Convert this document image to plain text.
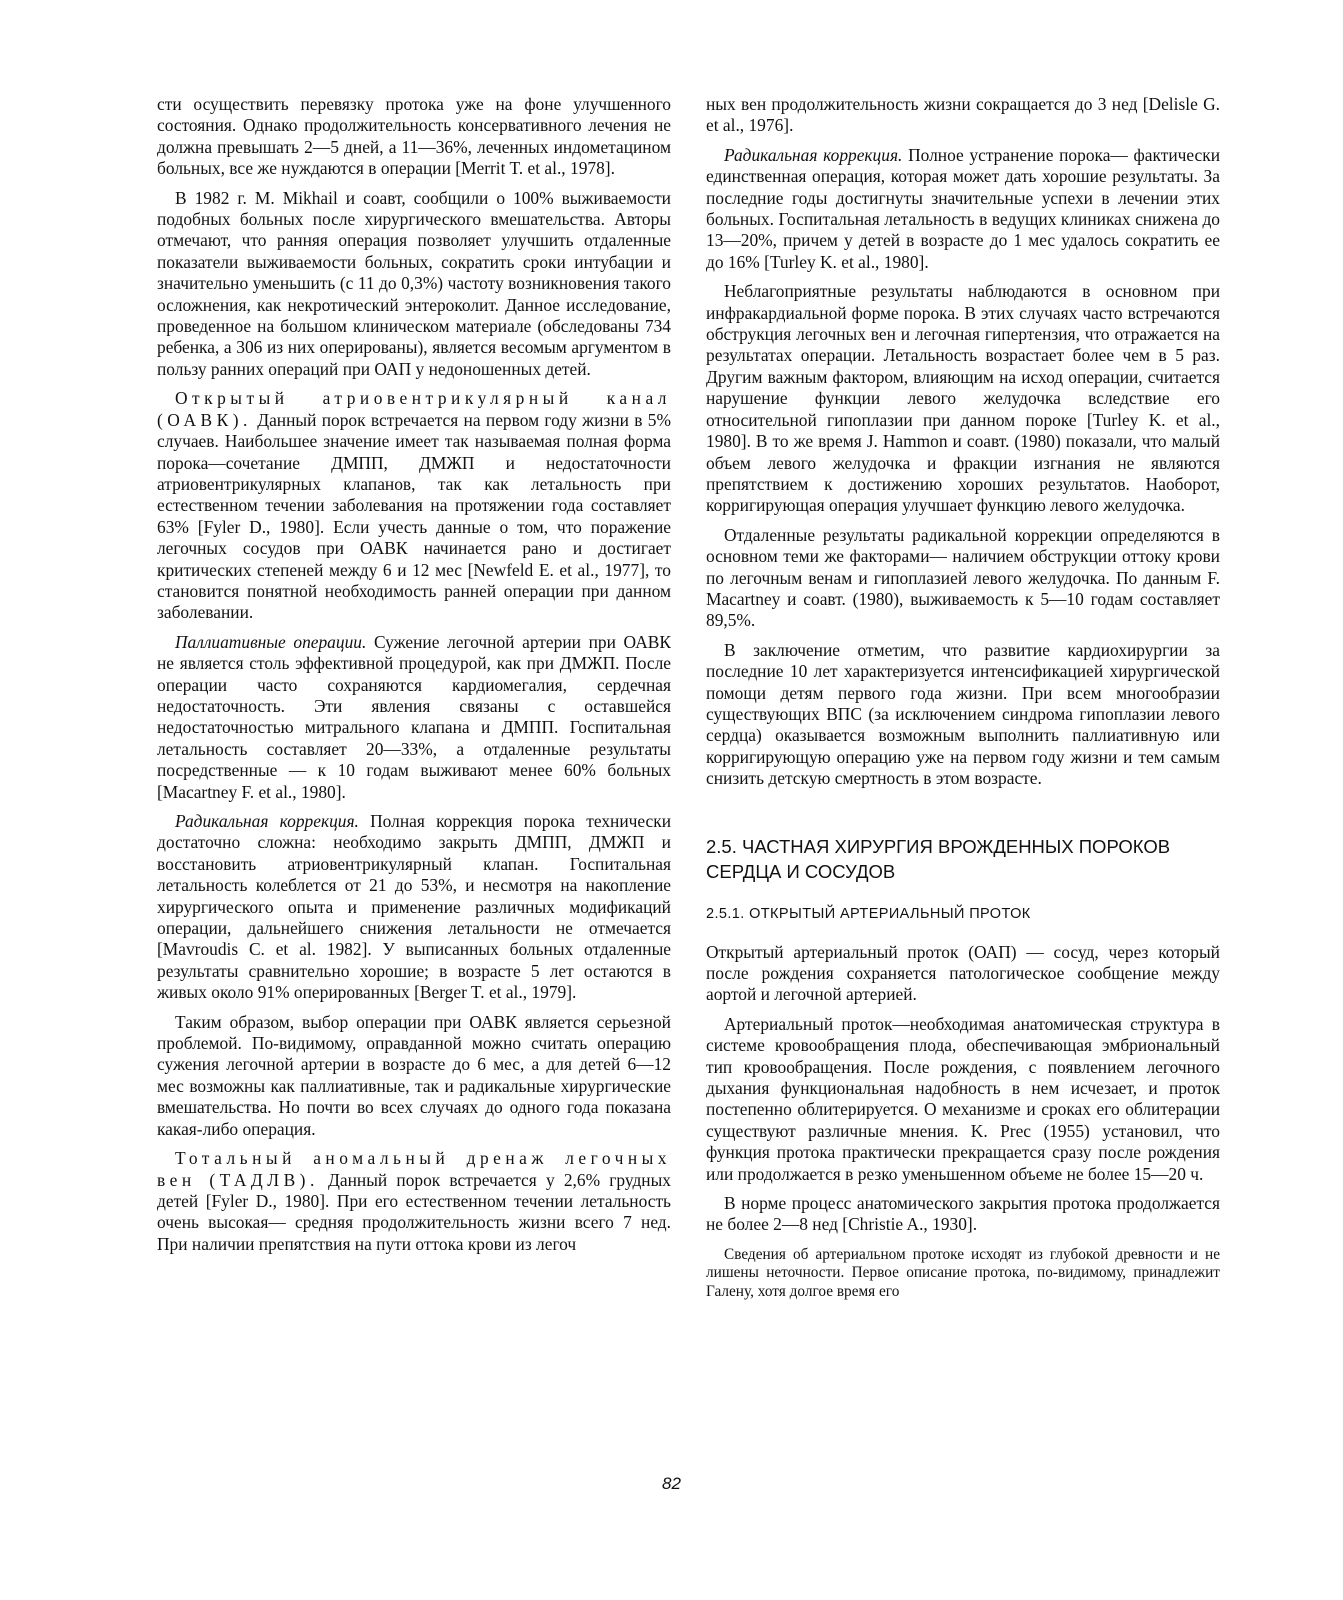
сти осуществить перевязку протока уже на фоне улучшенного состояния. Однако продолжительность консервативного лечения не должна превышать 2—5 дней, а 11—36%, леченных индометацином больных, все же нуждаются в операции [Merrit T. et al., 1978].

В 1982 г. M. Mikhail и соавт, сообщили о 100% выживаемости подобных больных после хирургического вмешательства. Авторы отмечают, что ранняя операция позволяет улучшить отдаленные показатели выживаемости больных, сократить сроки интубации и значительно уменьшить (с 11 до 0,3%) частоту возникновения такого осложнения, как некротический энтероколит. Данное исследование, проведенное на большом клиническом материале (обследованы 734 ребенка, а 306 из них оперированы), является весомым аргументом в пользу ранних операций при ОАП у недоношенных детей.

Открытый атриовентрикулярный канал (ОАВК). Данный порок встречается на первом году жизни в 5% случаев. Наибольшее значение имеет так называемая полная форма порока—сочетание ДМПП, ДМЖП и недостаточности атриовентрикулярных клапанов, так как летальность при естественном течении заболевания на протяжении года составляет 63% [Fyler D., 1980]. Если учесть данные о том, что поражение легочных сосудов при ОАВК начинается рано и достигает критических степеней между 6 и 12 мес [Newfeld E. et al., 1977], то становится понятной необходимость ранней операции при данном заболевании.

Паллиативные операции. Сужение легочной артерии при ОАВК не является столь эффективной процедурой, как при ДМЖП. После операции часто сохраняются кардиомегалия, сердечная недостаточность. Эти явления связаны с оставшейся недостаточностью митрального клапана и ДМПП. Госпитальная летальность составляет 20—33%, а отдаленные результаты посредственные — к 10 годам выживают менее 60% больных [Macartney F. et al., 1980].

Радикальная коррекция. Полная коррекция порока технически достаточно сложна: необходимо закрыть ДМПП, ДМЖП и восстановить атриовентрикулярный клапан. Госпитальная летальность колеблется от 21 до 53%, и несмотря на накопление хирургического опыта и применение различных модификаций операции, дальнейшего снижения летальности не отмечается [Mavroudis C. et al. 1982]. У выписанных больных отдаленные результаты сравнительно хорошие; в возрасте 5 лет остаются в живых около 91% оперированных [Berger T. et al., 1979].

Таким образом, выбор операции при ОАВК является серьезной проблемой. По-видимому, оправданной можно считать операцию сужения легочной артерии в возрасте до 6 мес, а для детей 6—12 мес возможны как паллиативные, так и радикальные хирургические вмешательства. Но почти во всех случаях до одного года показана какая-либо операция.

Тотальный аномальный дренаж легочных вен (ТАДЛВ). Данный порок встречается у 2,6% грудных детей [Fyler D., 1980]. При его естественном течении летальность очень высокая— средняя продолжительность жизни всего 7 нед. При наличии препятствия на пути оттока крови из легоч

ных вен продолжительность жизни сокращается до 3 нед [Delisle G. et al., 1976].

Радикальная коррекция. Полное устранение порока— фактически единственная операция, которая может дать хорошие результаты. За последние годы достигнуты значительные успехи в лечении этих больных. Госпитальная летальность в ведущих клиниках снижена до 13—20%, причем у детей в возрасте до 1 мес удалось сократить ее до 16% [Turley K. et al., 1980].

Неблагоприятные результаты наблюдаются в основном при инфракардиальной форме порока. В этих случаях часто встречаются обструкция легочных вен и легочная гипертензия, что отражается на результатах операции. Летальность возрастает более чем в 5 раз. Другим важным фактором, влияющим на исход операции, считается нарушение функции левого желудочка вследствие его относительной гипоплазии при данном пороке [Turley K. et al., 1980]. В то же время J. Hammon и соавт. (1980) показали, что малый объем левого желудочка и фракции изгнания не являются препятствием к достижению хороших результатов. Наоборот, корригирующая операция улучшает функцию левого желудочка.

Отдаленные результаты радикальной коррекции определяются в основном теми же факторами— наличием обструкции оттоку крови по легочным венам и гипоплазией левого желудочка. По данным F. Macartney и соавт. (1980), выживаемость к 5—10 годам составляет 89,5%.

В заключение отметим, что развитие кардиохирургии за последние 10 лет характеризуется интенсификацией хирургической помощи детям первого года жизни. При всем многообразии существующих ВПС (за исключением синдрома гипоплазии левого сердца) оказывается возможным выполнить паллиативную или корригирующую операцию уже на первом году жизни и тем самым снизить детскую смертность в этом возрасте.

2.5. ЧАСТНАЯ ХИРУРГИЯ ВРОЖДЕННЫХ ПОРОКОВ СЕРДЦА И СОСУДОВ
2.5.1. ОТКРЫТЫЙ АРТЕРИАЛЬНЫЙ ПРОТОК

Открытый артериальный проток (ОАП) — сосуд, через который после рождения сохраняется патологическое сообщение между аортой и легочной артерией.

Артериальный проток—необходимая анатомическая структура в системе кровообращения плода, обеспечивающая эмбриональный тип кровообращения. После рождения, с появлением легочного дыхания функциональная надобность в нем исчезает, и проток постепенно облитерируется. О механизме и сроках его облитерации существуют различные мнения. K. Prec (1955) установил, что функция протока практически прекращается сразу после рождения или продолжается в резко уменьшенном объеме не более 15—20 ч.

В норме процесс анатомического закрытия протока продолжается не более 2—8 нед [Christie A., 1930].

Сведения об артериальном протоке исходят из глубокой древности и не лишены неточности. Первое описание протока, по-видимому, принадлежит Галену, хотя долгое время его

82
